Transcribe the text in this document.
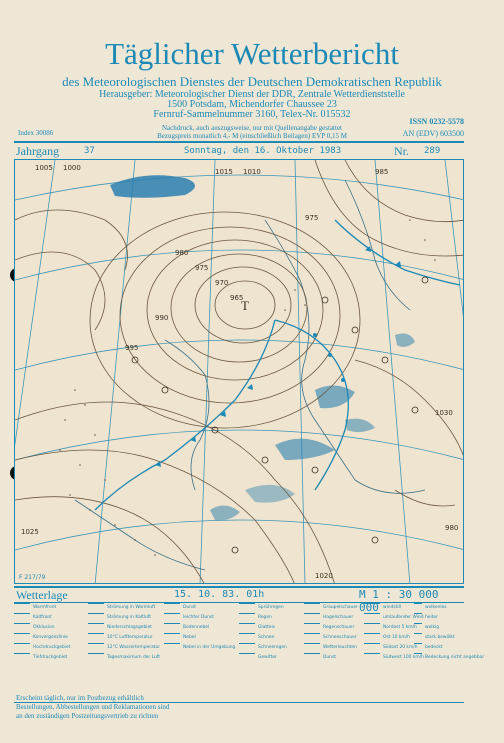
Täglicher Wetterbericht
des Meteorologischen Dienstes der Deutschen Demokratischen Republik
Herausgeber: Meteorologischer Dienst der DDR, Zentrale Wetterdienststelle
1500 Potsdam, Michendorfer Chaussee 23
Fernruf-Sammelnummer 3160, Telex-Nr. 015532
Nachdruck, auch auszugsweise, nur mit Quellenangabe gestattet
Bezugspreis monatlich 4,- M (einschließlich Beilagen) EVP 0,15 M
ISSN 0232-5578
AN (EDV) 603500
Index 30086
Jahrgang	37	Sonntag, den 16. Oktober 1983	Nr. 289
1005 1000
965
970
975
980
990
995
1015 1010
975
985
1030
1025
1020
980
T
F 217/79
Wetterlage	15. 10. 83. 01h	M 1 : 30 000 000
Warmfront
Kaltfront
Okklusion
Konvergenzlinie
Hochdruckgebiet
Tiefdruckgebiet
Strömung in Warmluft
Strömung in Kaltluft
Niederschlagsgebiet
10°C Lufttemperatur
12°C Wassertemperatur
Tagesmaximum der Luft
Dunst
leichter Dunst
Bodennebel
Nebel
Nebel in der Umgebung
Sprühregen
Regen
Glatteis
Schnee
Schneeregen
Gewitter
Graupelschauer
Hagelschauer
Regenschauer
Schneeschauer
Wetterleuchten
Dunst
windstill
umlaufender Wind
Nordost 5 km/h
Ost 10 km/h
Südost 20 km/h
Südwest 100 km/h
wolkenlos
heiter
wolkig
stark bewölkt
bedeckt
Bedeckung nicht angebbar
Erscheint täglich, nur im Postbezug erhältlich
Bestellungen, Abbestellungen und Reklamationen sind
an den zuständigen Postzeitungsvertrieb zu richten
